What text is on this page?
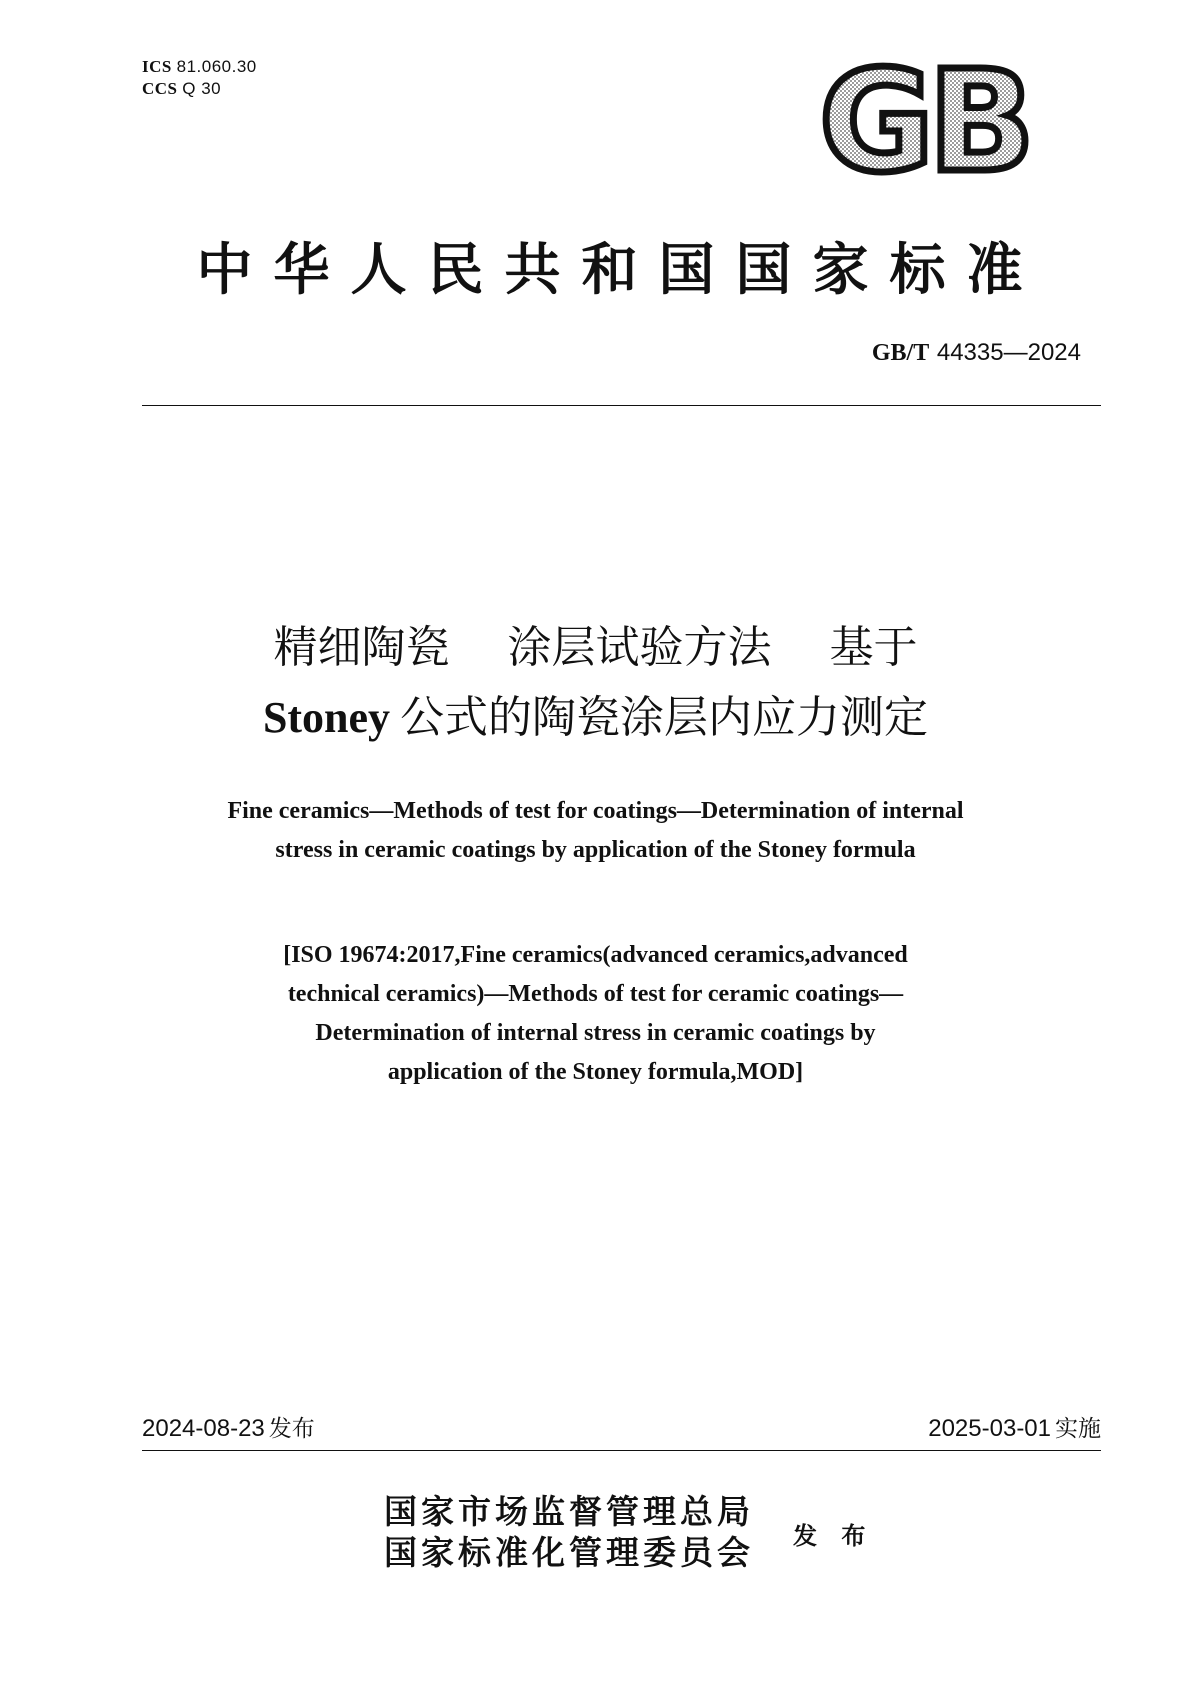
ICS 81.060.30
CCS Q 30	GB
中华人民共和国国家标准
GB/T 44335—2024
精细陶瓷 涂层试验方法 基于
Stoney 公式的陶瓷涂层内应力测定
Fine ceramics—Methods of test for coatings—Determination of internal
stress in ceramic coatings by application of the Stoney formula
[ISO 19674:2017,Fine ceramics(advanced ceramics,advanced
technical ceramics)—Methods of test for ceramic coatings—
Determination of internal stress in ceramic coatings by
application of the Stoney formula,MOD]
2024-08-23 发布	2025-03-01 实施
国家市场监督管理总局
国家标准化管理委员会 发 布
